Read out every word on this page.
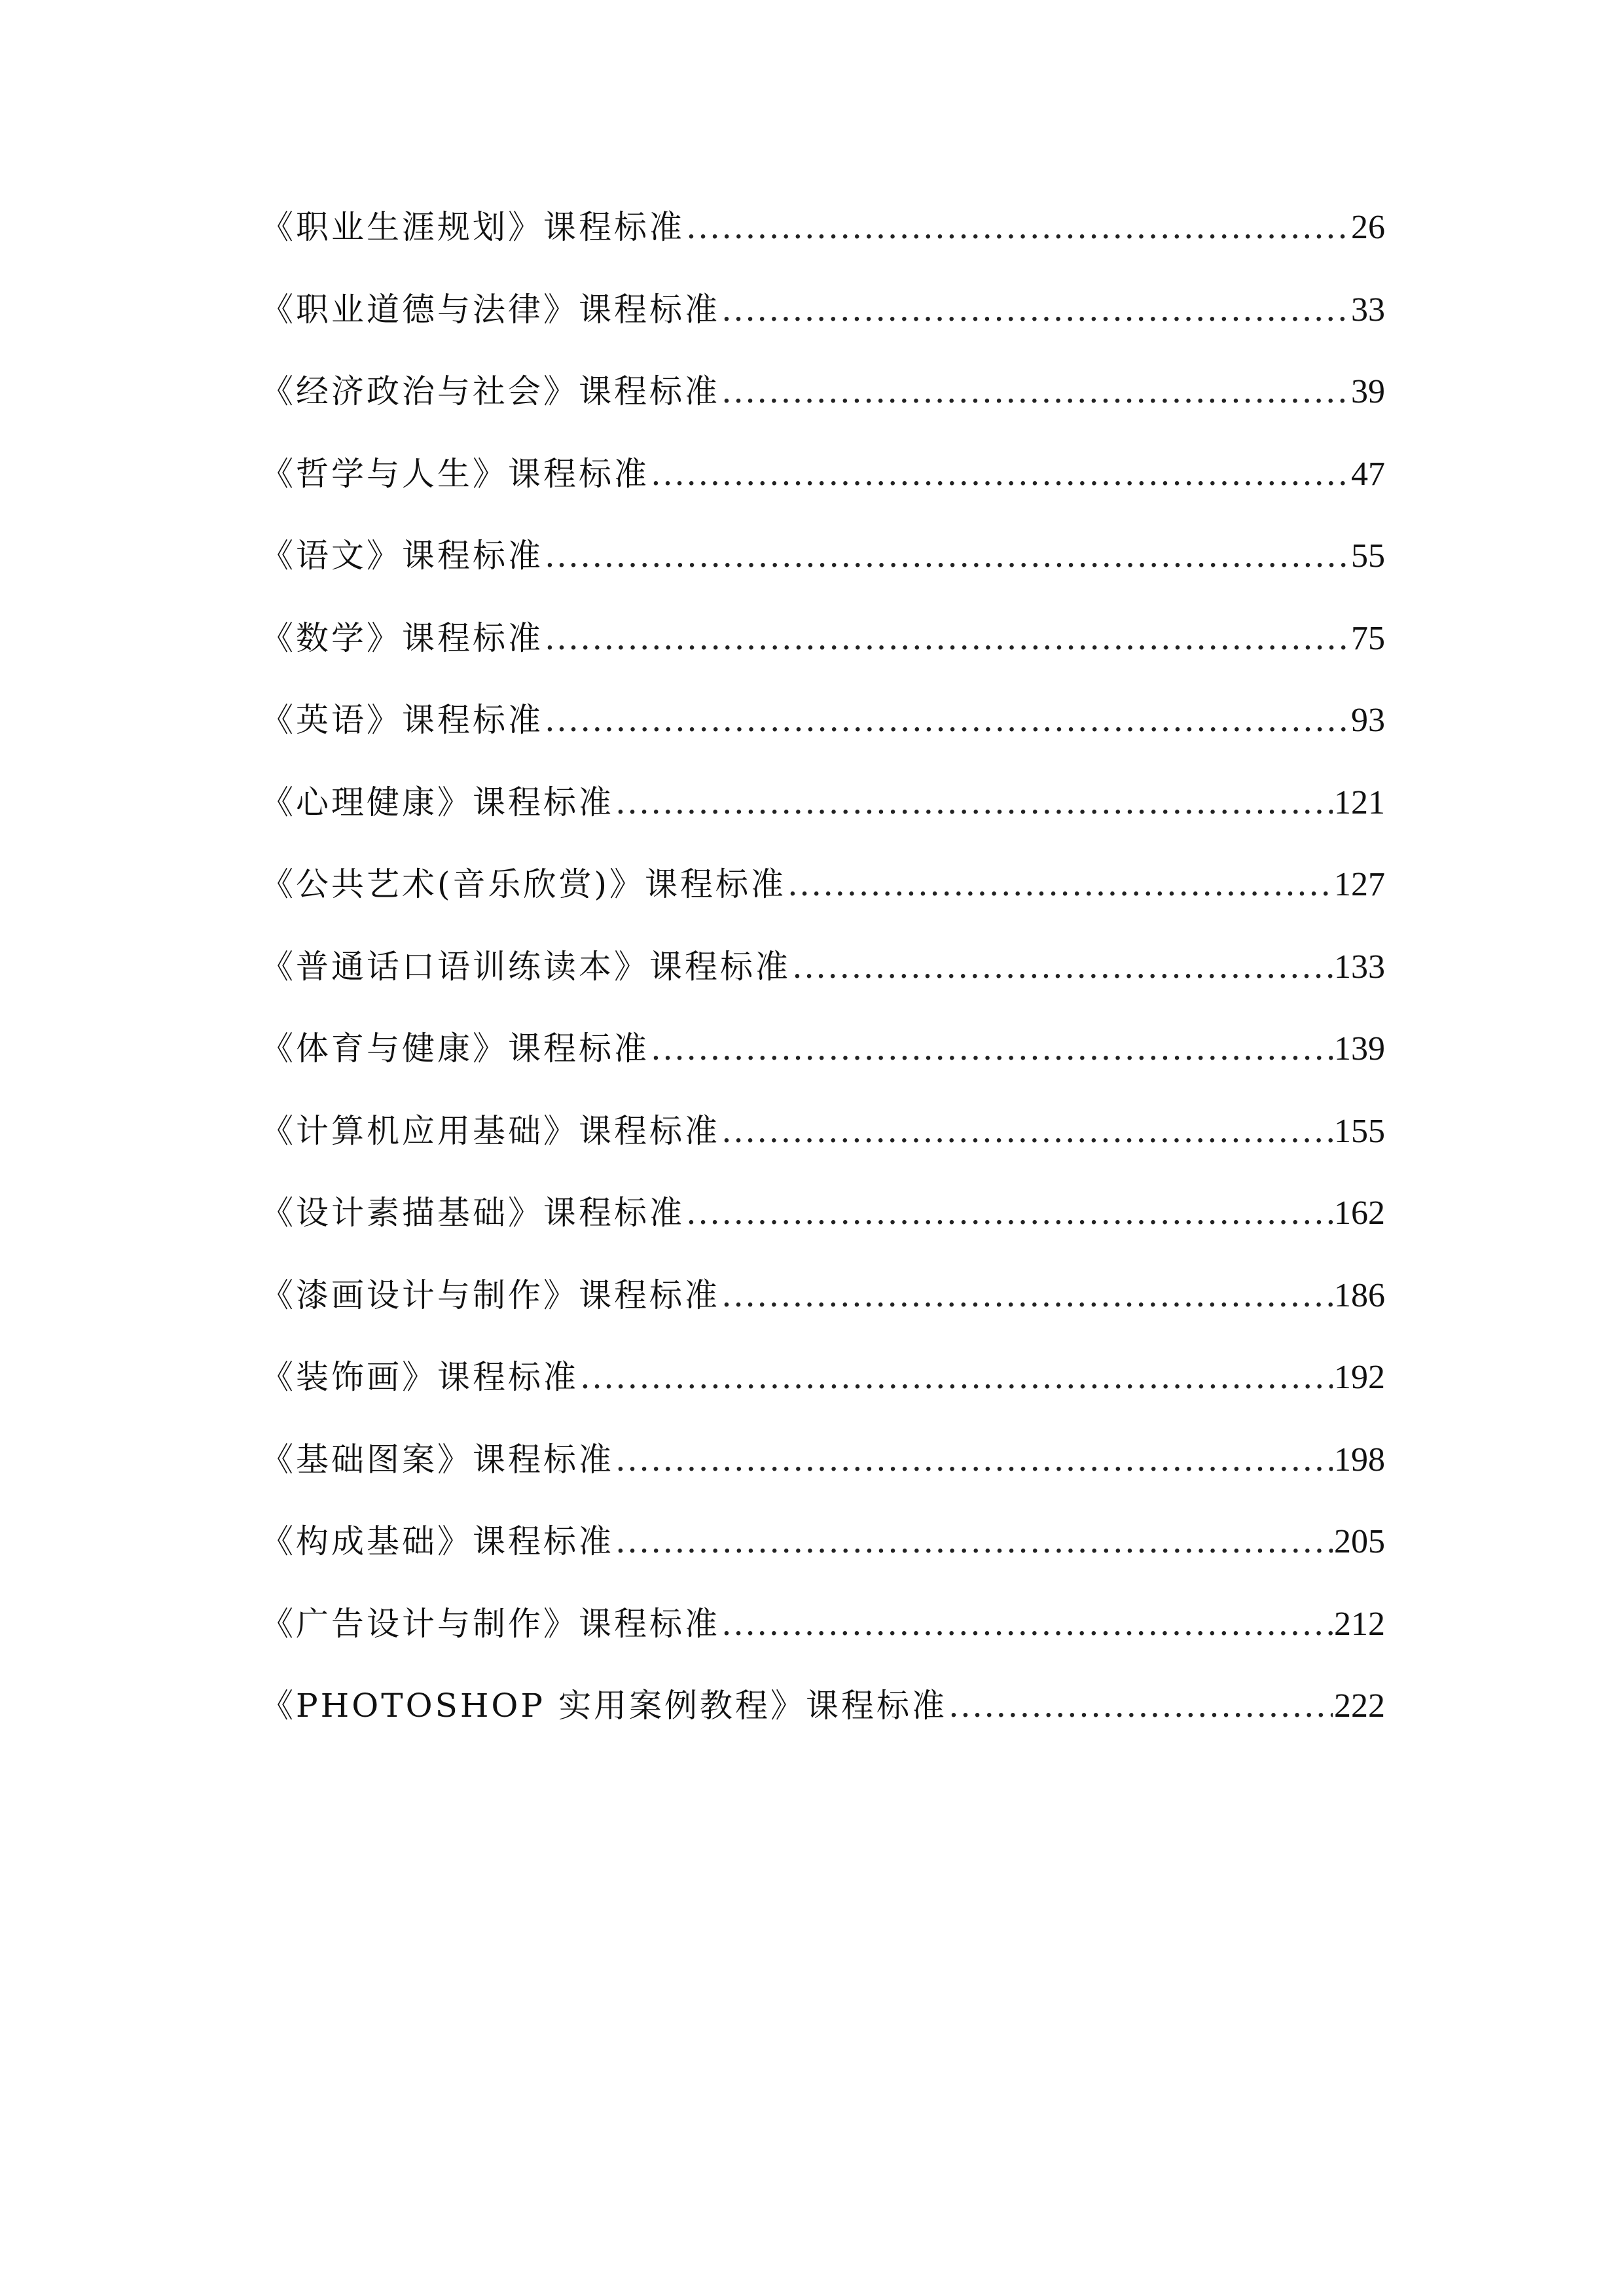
《职业生涯规划》课程标准 .....	26
《职业道德与法律》课程标准 .....	33
《经济政治与社会》课程标准 .....	39
《哲学与人生》课程标准 .....	47
《语文》课程标准 .....	55
《数学》课程标准 .....	75
《英语》课程标准 .....	93
《心理健康》课程标准 .....	121
《公共艺术(音乐欣赏)》课程标准 .....	127
《普通话口语训练读本》课程标准 .....	133
《体育与健康》课程标准 .....	139
《计算机应用基础》课程标准 .....	155
《设计素描基础》课程标准 .....	162
《漆画设计与制作》课程标准 .....	186
《装饰画》课程标准 .....	192
《基础图案》课程标准 .....	198
《构成基础》课程标准 .....	205
《广告设计与制作》课程标准 .....	212
《PHOTOSHOP 实用案例教程》课程标准 .....	222
